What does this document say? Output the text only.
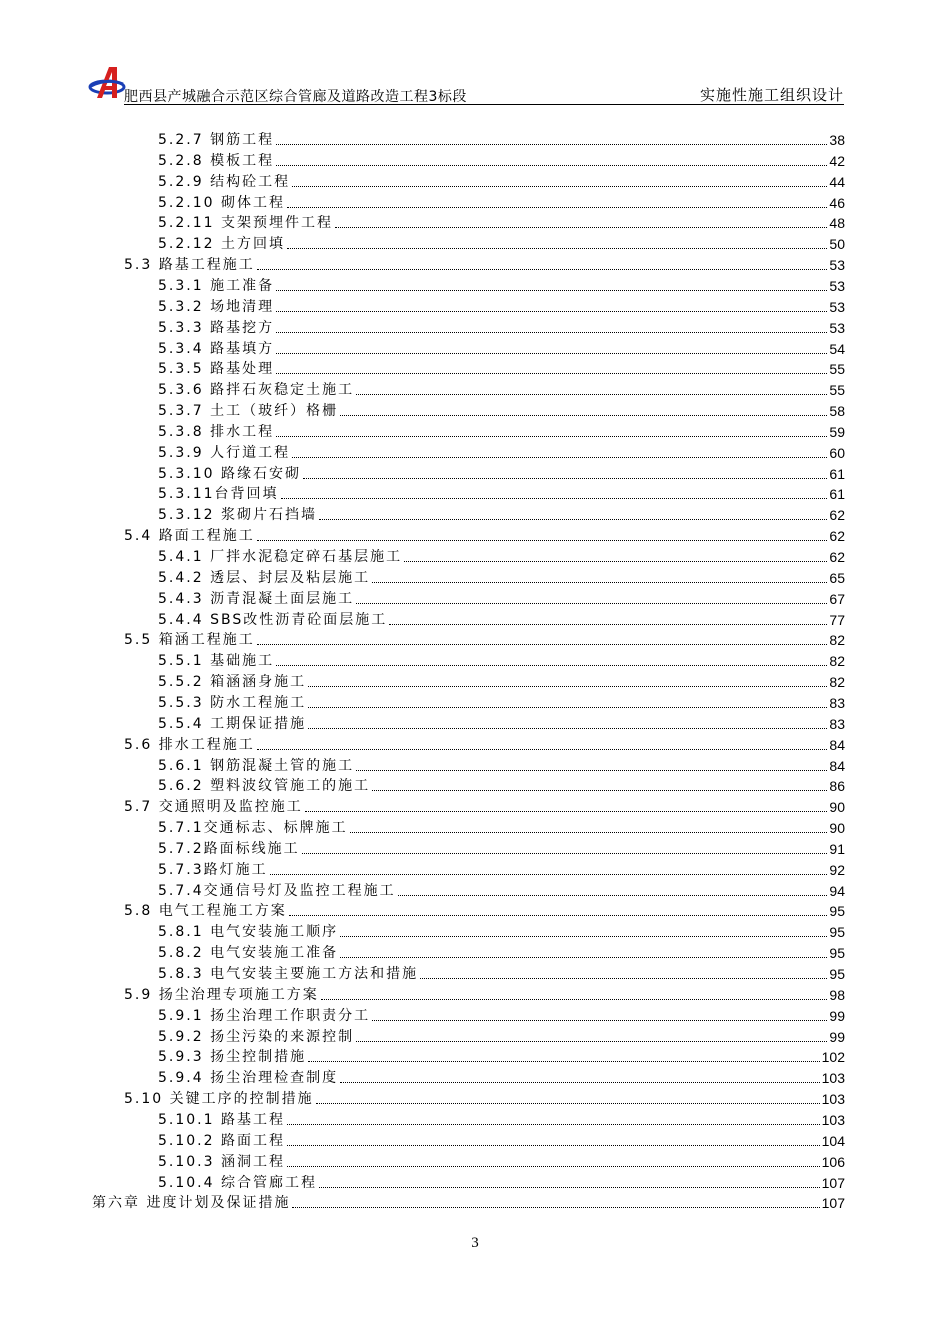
肥西县产城融合示范区综合管廊及道路改造工程3标段	实施性施工组织设计
5.2.7 钢筋工程	38
5.2.8 模板工程	42
5.2.9 结构砼工程	44
5.2.10 砌体工程	46
5.2.11 支架预埋件工程	48
5.2.12 土方回填	50
5.3 路基工程施工	53
5.3.1 施工准备	53
5.3.2 场地清理	53
5.3.3 路基挖方	53
5.3.4 路基填方	54
5.3.5 路基处理	55
5.3.6 路拌石灰稳定土施工	55
5.3.7 土工（玻纤）格栅	58
5.3.8 排水工程	59
5.3.9 人行道工程	60
5.3.10 路缘石安砌	61
5.3.11台背回填	61
5.3.12 浆砌片石挡墙	62
5.4 路面工程施工	62
5.4.1 厂拌水泥稳定碎石基层施工	62
5.4.2 透层、封层及粘层施工	65
5.4.3 沥青混凝土面层施工	67
5.4.4 SBS改性沥青砼面层施工	77
5.5 箱涵工程施工	82
5.5.1 基础施工	82
5.5.2 箱涵涵身施工	82
5.5.3 防水工程施工	83
5.5.4 工期保证措施	83
5.6 排水工程施工	84
5.6.1 钢筋混凝土管的施工	84
5.6.2 塑料波纹管施工的施工	86
5.7 交通照明及监控施工	90
5.7.1交通标志、标牌施工	90
5.7.2路面标线施工	91
5.7.3路灯施工	92
5.7.4交通信号灯及监控工程施工	94
5.8 电气工程施工方案	95
5.8.1 电气安装施工顺序	95
5.8.2 电气安装施工准备	95
5.8.3 电气安装主要施工方法和措施	95
5.9 扬尘治理专项施工方案	98
5.9.1 扬尘治理工作职责分工	99
5.9.2 扬尘污染的来源控制	99
5.9.3 扬尘控制措施	102
5.9.4 扬尘治理检查制度	103
5.10 关键工序的控制措施	103
5.10.1 路基工程	103
5.10.2 路面工程	104
5.10.3 涵洞工程	106
5.10.4 综合管廊工程	107
第六章 进度计划及保证措施	107
3
